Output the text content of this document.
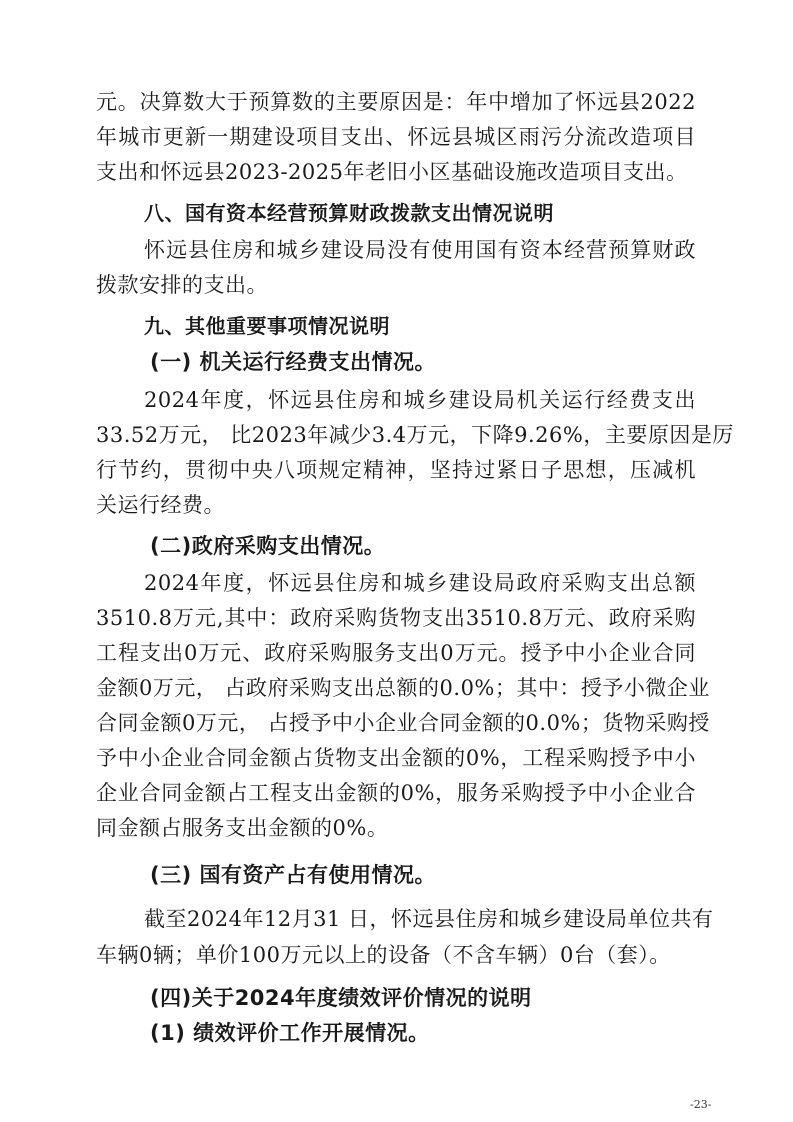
元。决算数大于预算数的主要原因是：年中增加了怀远县2022
年城市更新一期建设项目支出、怀远县城区雨污分流改造项目
支出和怀远县2023-2025年老旧小区基础设施改造项目支出。
八、国有资本经营预算财政拨款支出情况说明
怀远县住房和城乡建设局没有使用国有资本经营预算财政
拨款安排的支出。
九、其他重要事项情况说明
(一) 机关运行经费支出情况。
2024年度，怀远县住房和城乡建设局机关运行经费支出
33.52万元， 比2023年减少3.4万元，下降9.26%，主要原因是厉
行节约，贯彻中央八项规定精神，坚持过紧日子思想，压减机
关运行经费。
(二)政府采购支出情况。
2024年度，怀远县住房和城乡建设局政府采购支出总额
3510.8万元,其中：政府采购货物支出3510.8万元、政府采购
工程支出0万元、政府采购服务支出0万元。授予中小企业合同
金额0万元， 占政府采购支出总额的0.0%；其中：授予小微企业
合同金额0万元， 占授予中小企业合同金额的0.0%；货物采购授
予中小企业合同金额占货物支出金额的0%，工程采购授予中小
企业合同金额占工程支出金额的0%，服务采购授予中小企业合
同金额占服务支出金额的0%。
(三) 国有资产占有使用情况。
截至2024年12月31 日，怀远县住房和城乡建设局单位共有
车辆0辆；单价100万元以上的设备（不含车辆）0台（套）。
(四)关于2024年度绩效评价情况的说明
(1) 绩效评价工作开展情况。
-23-
